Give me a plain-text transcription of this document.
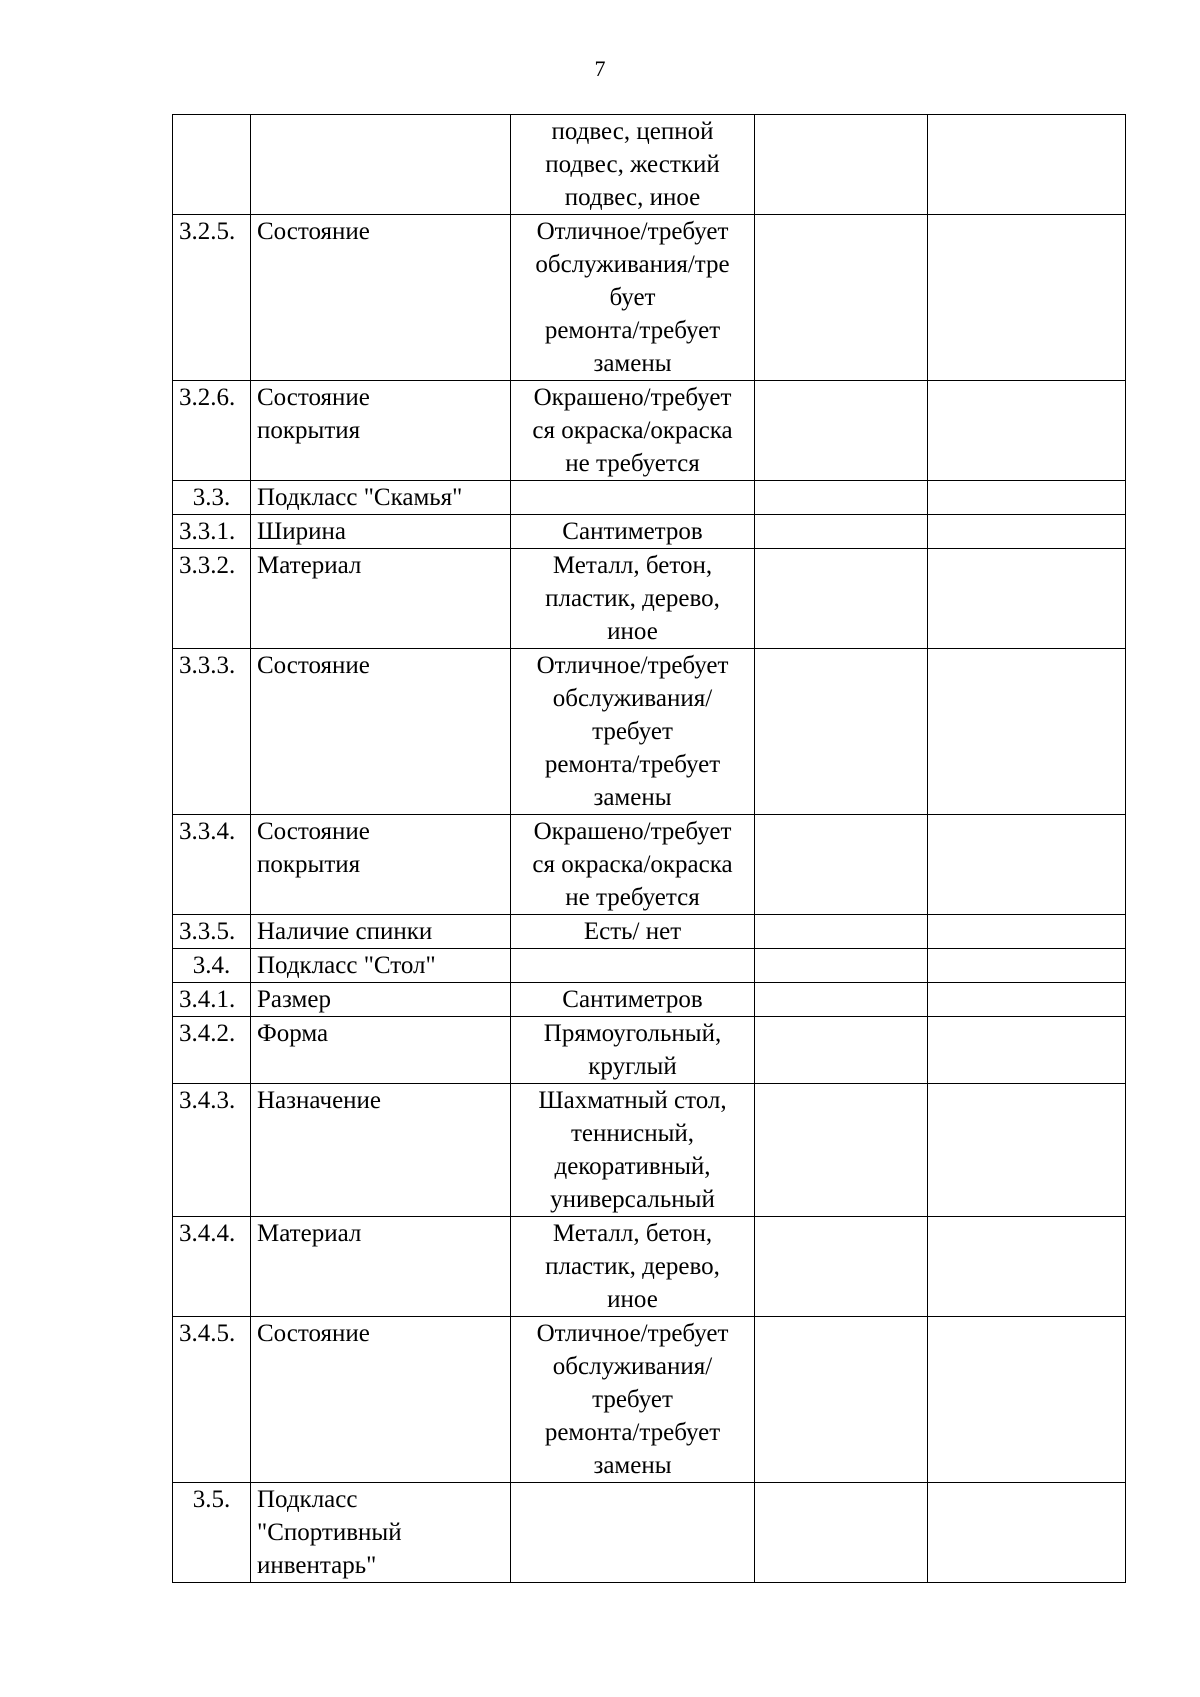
7

		подвес, цепной
подвес, жесткий
подвес, иное		

3.2.5.	Состояние	Отличное/требует
обслуживания/тре
бует
ремонта/требует
замены		

3.2.6.	Состояние
покрытия	Окрашено/требует
ся окраска/окраска
не требуется		

3.3.	Подкласс "Скамья"			

3.3.1.	Ширина	Сантиметров		

3.3.2.	Материал	Металл, бетон,
пластик, дерево,
иное		

3.3.3.	Состояние	Отличное/требует
обслуживания/
требует
ремонта/требует
замены		

3.3.4.	Состояние
покрытия	Окрашено/требует
ся окраска/окраска
не требуется		

3.3.5.	Наличие спинки	Есть/ нет		

3.4.	Подкласс "Стол"			

3.4.1.	Размер	Сантиметров		

3.4.2.	Форма	Прямоугольный,
круглый		

3.4.3.	Назначение	Шахматный стол,
теннисный,
декоративный,
универсальный		

3.4.4.	Материал	Металл, бетон,
пластик, дерево,
иное		

3.4.5.	Состояние	Отличное/требует
обслуживания/
требует
ремонта/требует
замены		

3.5.	Подкласс
"Спортивный
инвентарь"			
